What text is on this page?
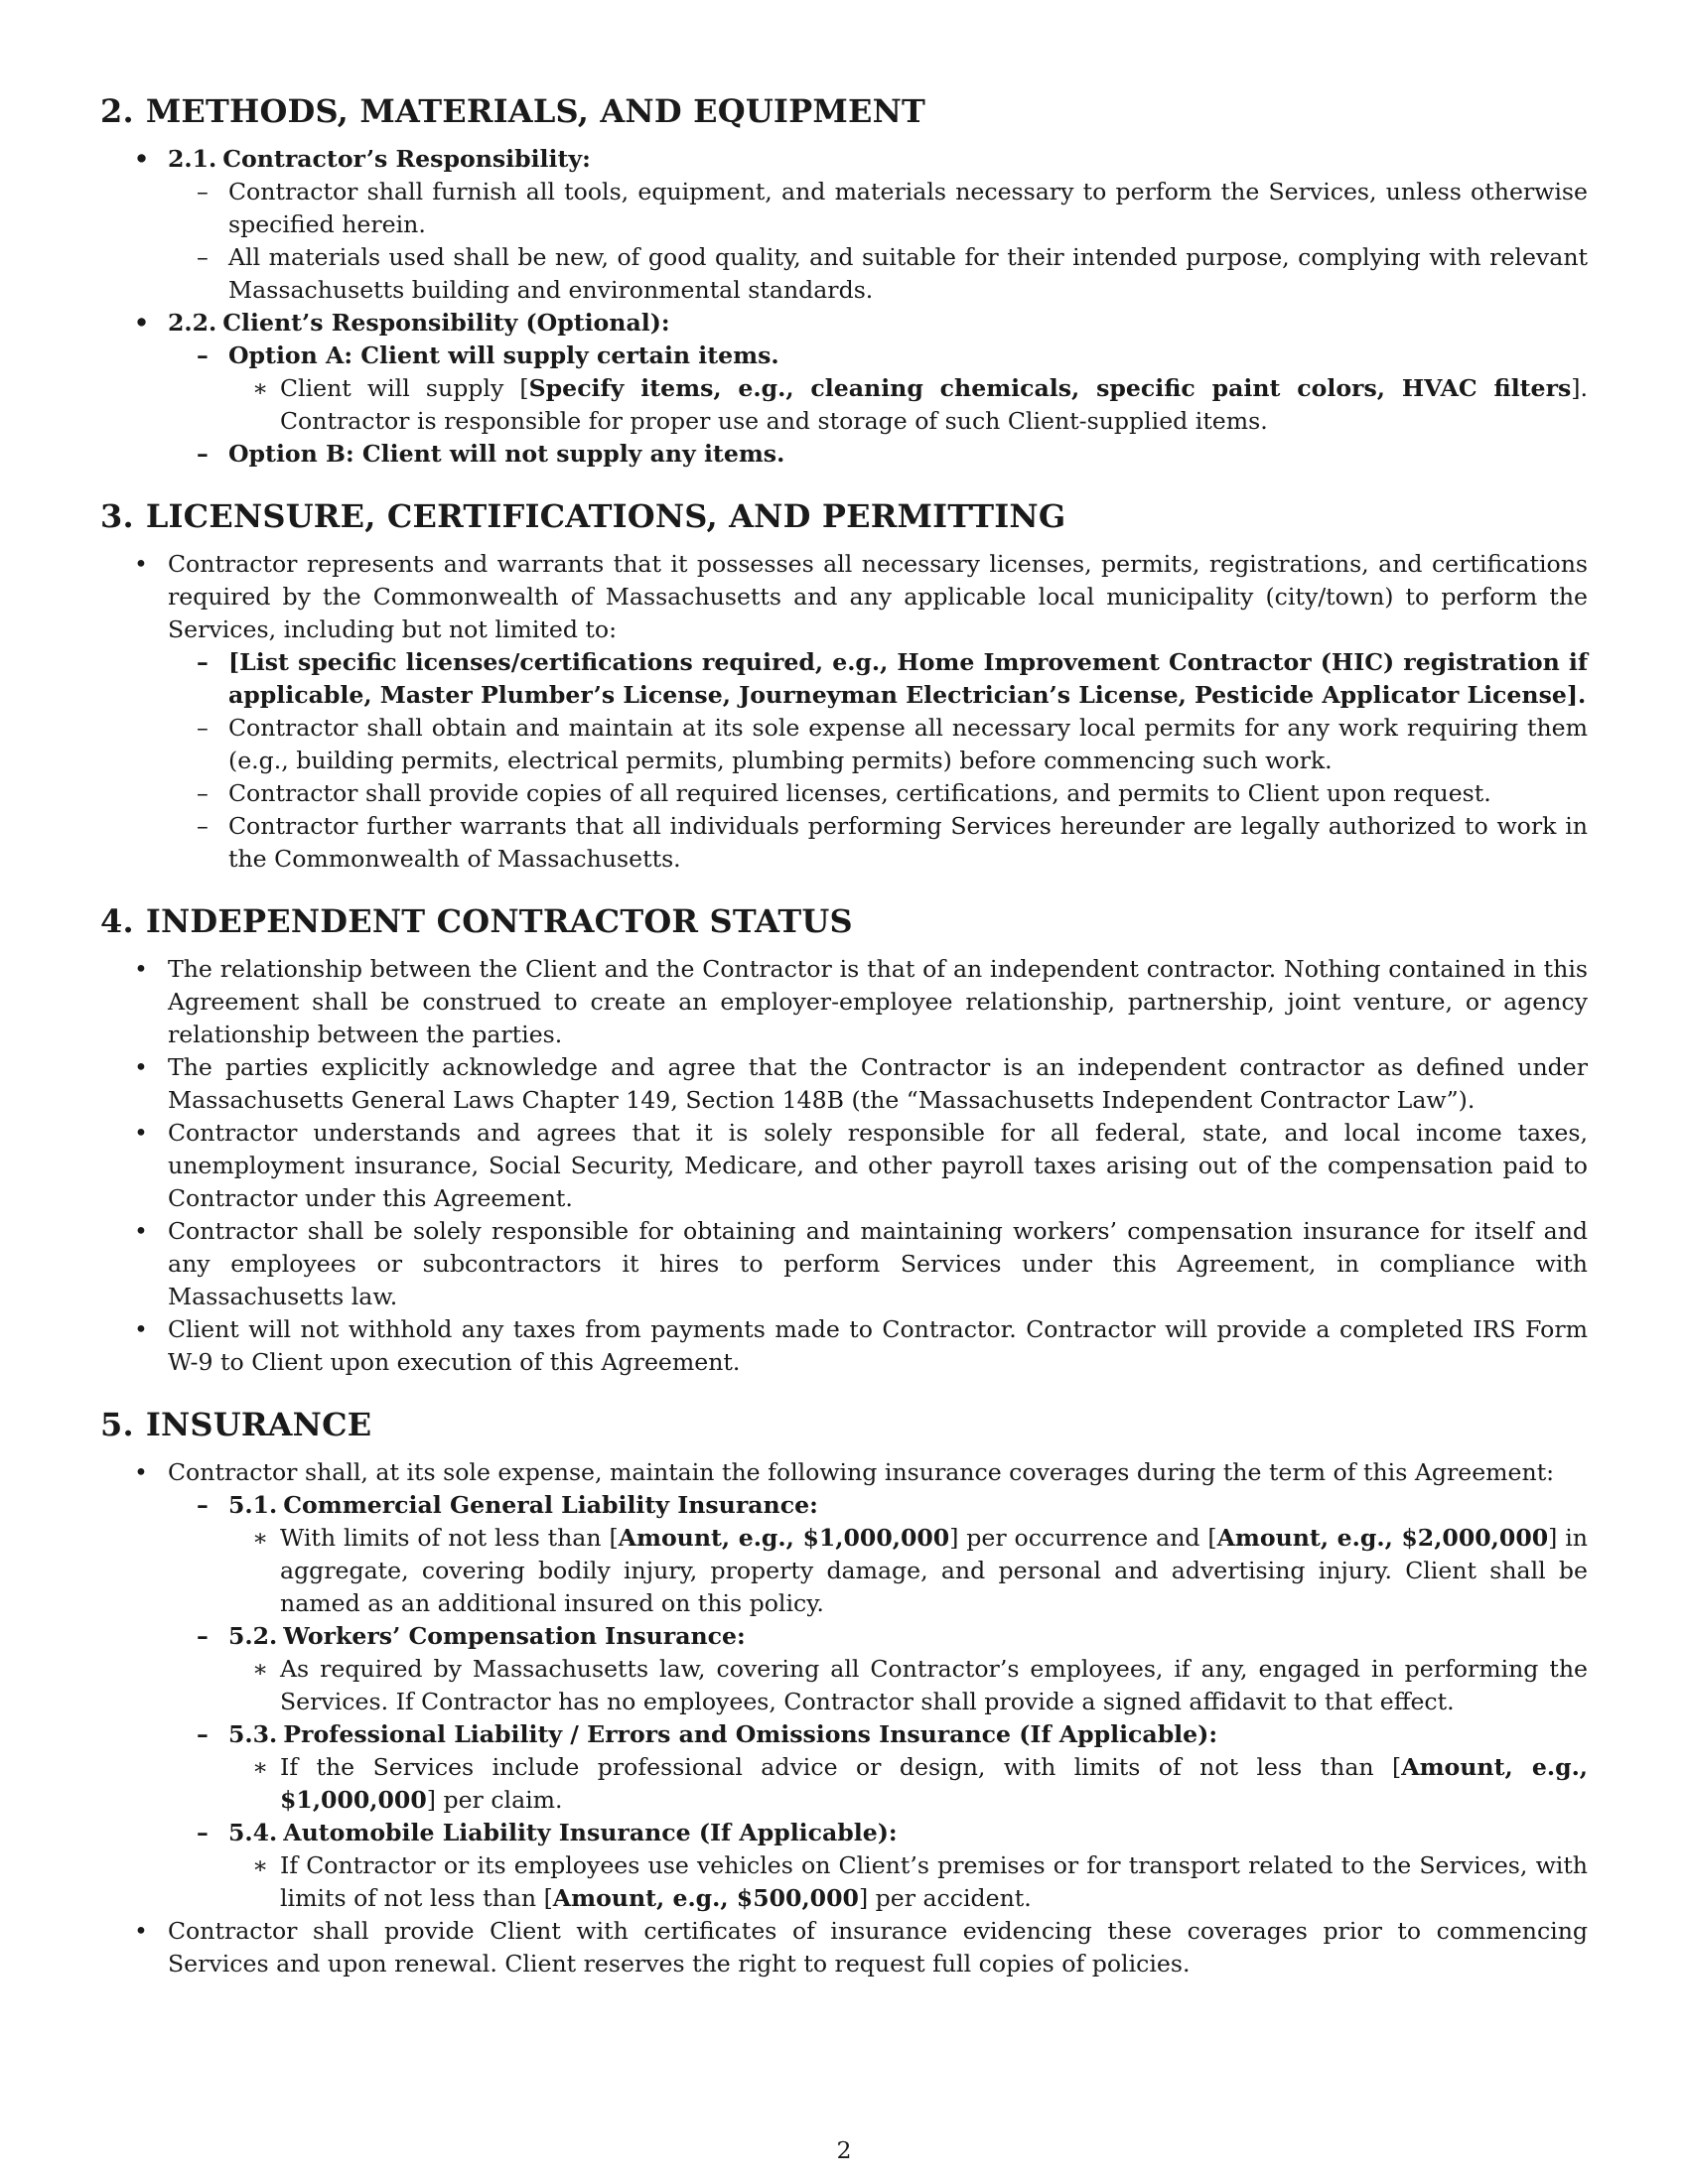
2. METHODS, MATERIALS, AND EQUIPMENT
• 2.1. Contractor’s Responsibility:
– Contractor shall furnish all tools, equipment, and materials necessary to perform the Services, unless otherwise specified herein.
– All materials used shall be new, of good quality, and suitable for their intended purpose, complying with relevant Massachusetts building and environmental standards.
• 2.2. Client’s Responsibility (Optional):
– Option A: Client will supply certain items.
∗ Client will supply [Specify items, e.g., cleaning chemicals, specific paint colors, HVAC filters]. Contractor is responsible for proper use and storage of such Client-supplied items.
– Option B: Client will not supply any items.
3. LICENSURE, CERTIFICATIONS, AND PERMITTING
• Contractor represents and warrants that it possesses all necessary licenses, permits, registrations, and certifications required by the Commonwealth of Massachusetts and any applicable local municipality (city/town) to perform the Services, including but not limited to:
– [List specific licenses/certifications required, e.g., Home Improvement Contractor (HIC) registration if applicable, Master Plumber’s License, Journeyman Electrician’s License, Pesticide Applicator License].
– Contractor shall obtain and maintain at its sole expense all necessary local permits for any work requiring them (e.g., building permits, electrical permits, plumbing permits) before commencing such work.
– Contractor shall provide copies of all required licenses, certifications, and permits to Client upon request.
– Contractor further warrants that all individuals performing Services hereunder are legally authorized to work in the Commonwealth of Massachusetts.
4. INDEPENDENT CONTRACTOR STATUS
• The relationship between the Client and the Contractor is that of an independent contractor. Nothing contained in this Agreement shall be construed to create an employer-employee relationship, partnership, joint venture, or agency relationship between the parties.
• The parties explicitly acknowledge and agree that the Contractor is an independent contractor as defined under Massachusetts General Laws Chapter 149, Section 148B (the “Massachusetts Independent Contractor Law”).
• Contractor understands and agrees that it is solely responsible for all federal, state, and local income taxes, unemployment insurance, Social Security, Medicare, and other payroll taxes arising out of the compensation paid to Contractor under this Agreement.
• Contractor shall be solely responsible for obtaining and maintaining workers’ compensation insurance for itself and any employees or subcontractors it hires to perform Services under this Agreement, in compliance with Massachusetts law.
• Client will not withhold any taxes from payments made to Contractor. Contractor will provide a completed IRS Form W-9 to Client upon execution of this Agreement.
5. INSURANCE
• Contractor shall, at its sole expense, maintain the following insurance coverages during the term of this Agreement:
– 5.1. Commercial General Liability Insurance:
∗ With limits of not less than [Amount, e.g., $1,000,000] per occurrence and [Amount, e.g., $2,000,000] in aggregate, covering bodily injury, property damage, and personal and advertising injury. Client shall be named as an additional insured on this policy.
– 5.2. Workers’ Compensation Insurance:
∗ As required by Massachusetts law, covering all Contractor’s employees, if any, engaged in performing the Services. If Contractor has no employees, Contractor shall provide a signed affidavit to that effect.
– 5.3. Professional Liability / Errors and Omissions Insurance (If Applicable):
∗ If the Services include professional advice or design, with limits of not less than [Amount, e.g., $1,000,000] per claim.
– 5.4. Automobile Liability Insurance (If Applicable):
∗ If Contractor or its employees use vehicles on Client’s premises or for transport related to the Services, with limits of not less than [Amount, e.g., $500,000] per accident.
• Contractor shall provide Client with certificates of insurance evidencing these coverages prior to commencing Services and upon renewal. Client reserves the right to request full copies of policies.
2
